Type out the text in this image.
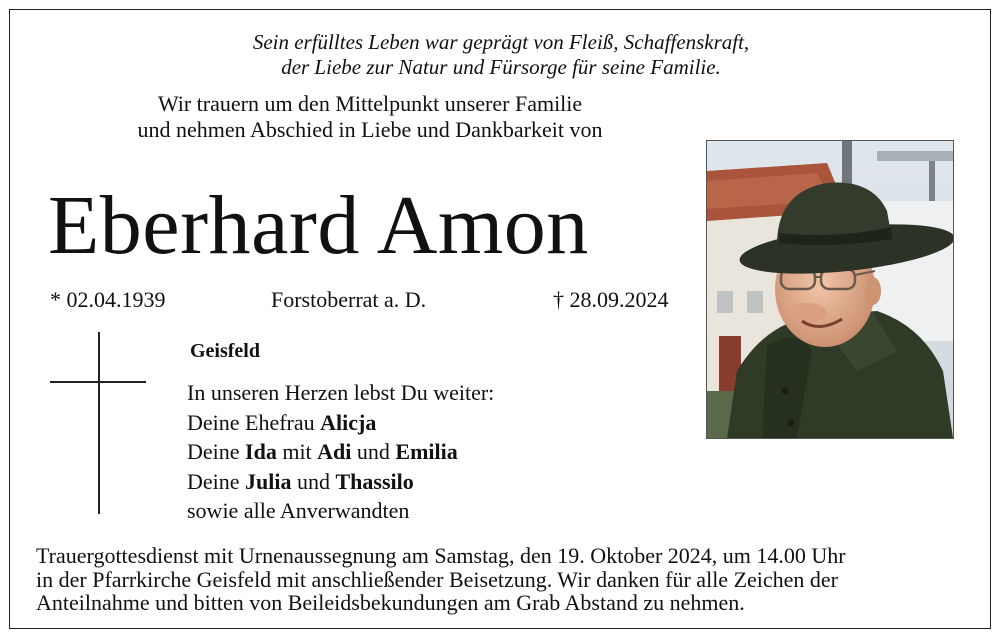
Sein erfülltes Leben war geprägt von Fleiß, Schaffenskraft,
der Liebe zur Natur und Fürsorge für seine Familie.
Wir trauern um den Mittelpunkt unserer Familie
und nehmen Abschied in Liebe und Dankbarkeit von
Eberhard Amon
* 02.04.1939	Forstoberrat a. D.	† 28.09.2024
Geisfeld
In unseren Herzen lebst Du weiter:
Deine Ehefrau Alicja
Deine Ida mit Adi und Emilia
Deine Julia und Thassilo
sowie alle Anverwandten
Trauergottesdienst mit Urnenaussegnung am Samstag, den 19. Oktober 2024, um 14.00 Uhr
in der Pfarrkirche Geisfeld mit anschließender Beisetzung. Wir danken für alle Zeichen der
Anteilnahme und bitten von Beileidsbekundungen am Grab Abstand zu nehmen.
